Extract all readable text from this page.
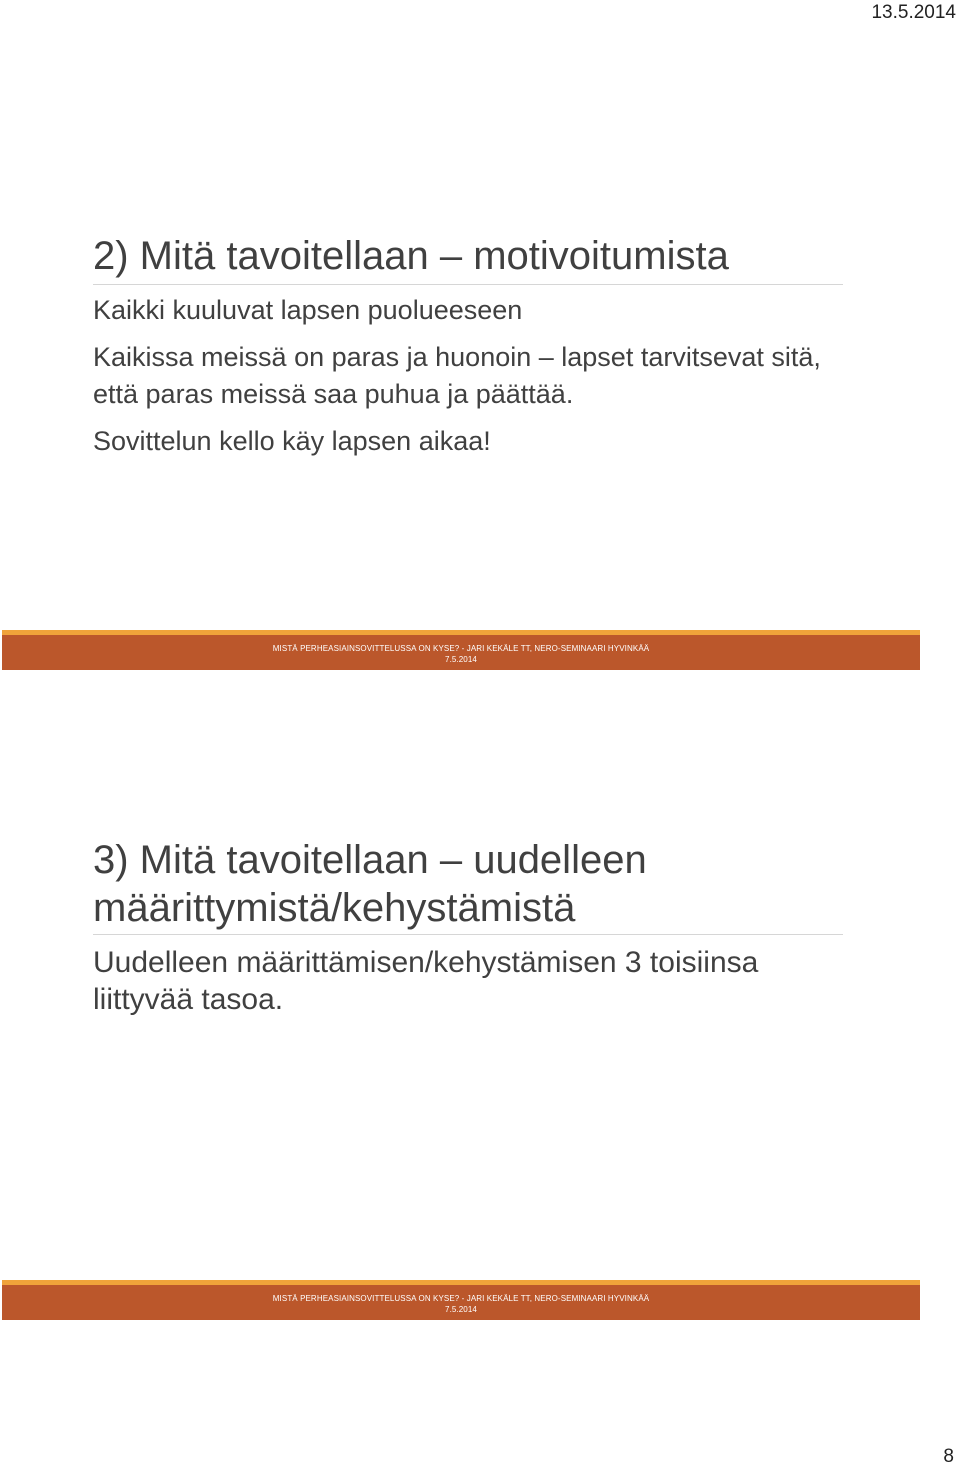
13.5.2014
2) Mitä tavoitellaan – motivoitumista
Kaikki kuuluvat lapsen puolueeseen
Kaikissa meissä on paras ja huonoin – lapset tarvitsevat sitä, että paras meissä saa puhua ja päättää.
Sovittelun kello käy lapsen aikaa!
MISTÄ PERHEASIAINSOVITTELUSSA ON KYSE? - JARI KEKÄLE TT, NERO-SEMINAARI HYVINKÄÄ
7.5.2014
3) Mitä tavoitellaan – uudelleen määrittymistä/kehystämistä
Uudelleen määrittämisen/kehystämisen 3 toisiinsa liittyvää tasoa.
MISTÄ PERHEASIAINSOVITTELUSSA ON KYSE? - JARI KEKÄLE TT, NERO-SEMINAARI HYVINKÄÄ
7.5.2014
8
